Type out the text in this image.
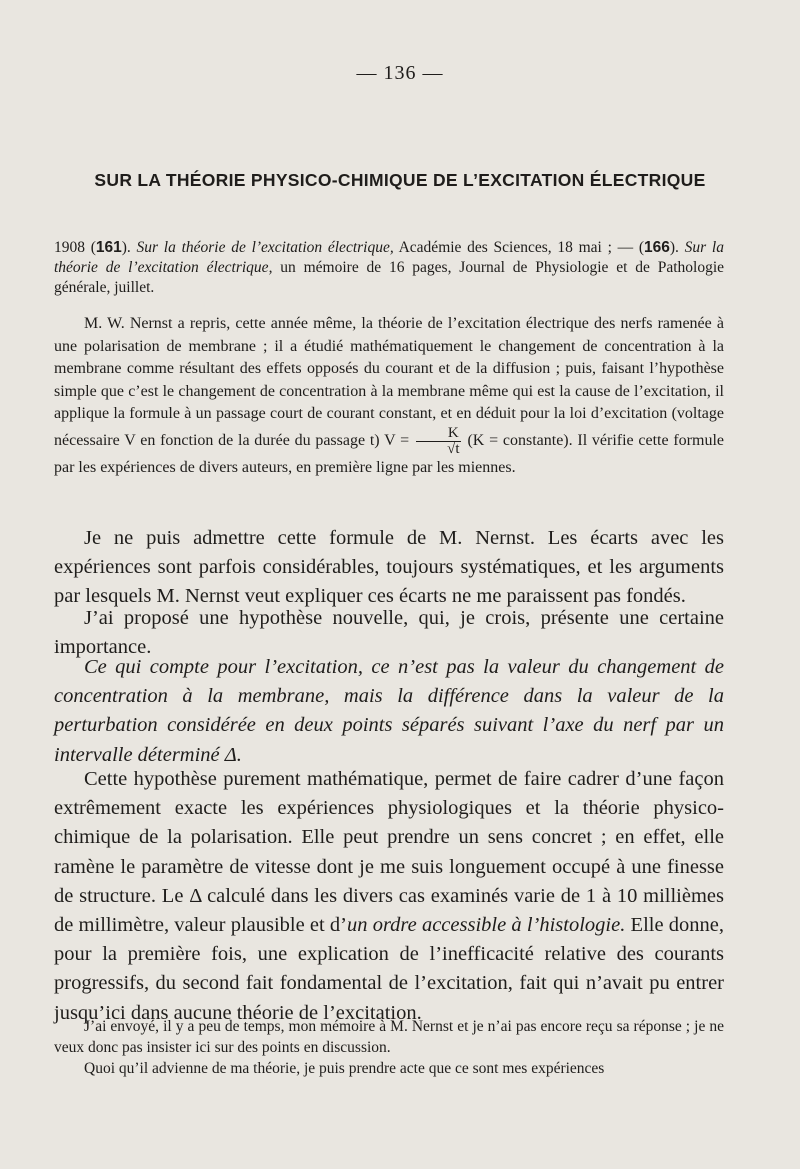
— 136 —
SUR LA THÉORIE PHYSICO-CHIMIQUE DE L’EXCITATION ÉLECTRIQUE
1908 (161). Sur la théorie de l’excitation électrique, Académie des Sciences, 18 mai ; — (166). Sur la théorie de l’excitation électrique, un mémoire de 16 pages, Journal de Physiologie et de Pathologie générale, juillet.
M. W. Nernst a repris, cette année même, la théorie de l’excitation électrique des nerfs ramenée à une polarisation de membrane ; il a étudié mathématiquement le changement de concentration à la membrane comme résultant des effets opposés du courant et de la diffusion ; puis, faisant l’hypothèse simple que c’est le changement de concentration à la membrane même qui est la cause de l’excitation, il applique la formule à un passage court de courant constant, et en déduit pour la loi d’excitation (voltage nécessaire V en fonction de la durée du passage t) $V = \frac{K}{√t} (K$ = constante). Il vérifie cette formule par les expériences de divers auteurs, en première ligne par les miennes.

Je ne puis admettre cette formule de M. Nernst. Les écarts avec les expériences sont parfois considérables, toujours systématiques, et les arguments par lesquels M. Nernst veut expliquer ces écarts ne me paraissent pas fondés.

J’ai proposé une hypothèse nouvelle, qui, je crois, présente une certaine importance.

Ce qui compte pour l’excitation, ce n’est pas la valeur du changement de concentration à la membrane, mais la différence dans la valeur de la perturbation considérée en deux points séparés suivant l’axe du nerf par un intervalle déterminé Δ.

Cette hypothèse purement mathématique, permet de faire cadrer d’une façon extrêmement exacte les expériences physiologiques et la théorie physico-chimique de la polarisation. Elle peut prendre un sens concret ; en effet, elle ramène le paramètre de vitesse dont je me suis longuement occupé à une finesse de structure. Le Δ calculé dans les divers cas examinés varie de 1 à 10 millièmes de millimètre, valeur plausible et d’un ordre accessible à l’histologie. Elle donne, pour la première fois, une explication de l’inefficacité relative des courants progressifs, du second fait fondamental de l’excitation, fait qui n’avait pu entrer jusqu’ici dans aucune théorie de l’excitation.

J’ai envoyé, il y a peu de temps, mon mémoire à M. Nernst et je n’ai pas encore reçu sa réponse ; je ne veux donc pas insister ici sur des points en discussion.

Quoi qu’il advienne de ma théorie, je puis prendre acte que ce sont mes expériences
